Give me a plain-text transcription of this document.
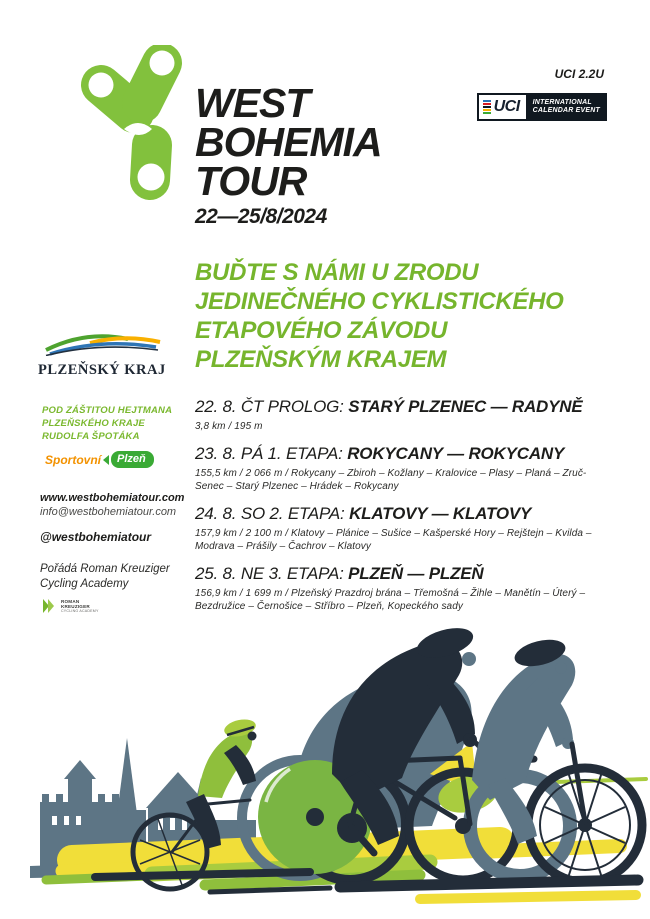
WEST
BOHEMIA
TOUR
22—25/8/2024
UCI 2.2U
UCI INTERNATIONAL
CALENDAR EVENT
BUĎTE S NÁMI U ZRODU
JEDINEČNÉHO CYKLISTICKÉHO
ETAPOVÉHO ZÁVODU
PLZEŇSKÝM KRAJEM
PLZEŇSKÝ KRAJ
POD ZÁŠTITOU HEJTMANA
PLZEŇSKÉHO KRAJE
RUDOLFA ŠPOTÁKA
Sportovní	Plzeň
www.westbohemiatour.com
info@westbohemiatour.com
@westbohemiatour
Pořádá Roman Kreuziger
Cycling Academy
ROMAN
KREUZIGER
CYCLING ACADEMY
22. 8. ČT PROLOG: STARÝ PLZENEC — RADYNĚ
3,8 km / 195 m
23. 8. PÁ 1. ETAPA: ROKYCANY — ROKYCANY
155,5 km / 2 066 m / Rokycany – Zbiroh – Kožlany – Kralovice – Plasy – Planá – Zruč-Senec – Starý Plzenec – Hrádek – Rokycany
24. 8. SO 2. ETAPA: KLATOVY — KLATOVY
157,9 km / 2 100 m / Klatovy – Plánice – Sušice – Kašperské Hory – Rejštejn – Kvilda – Modrava – Prášily – Čachrov – Klatovy
25. 8. NE 3. ETAPA: PLZEŇ — PLZEŇ
156,9 km / 1 699 m / Plzeňský Prazdroj brána – Třemošná – Žihle – Manětín – Úterý – Bezdružice – Černošice – Stříbro – Plzeň, Kopeckého sady
